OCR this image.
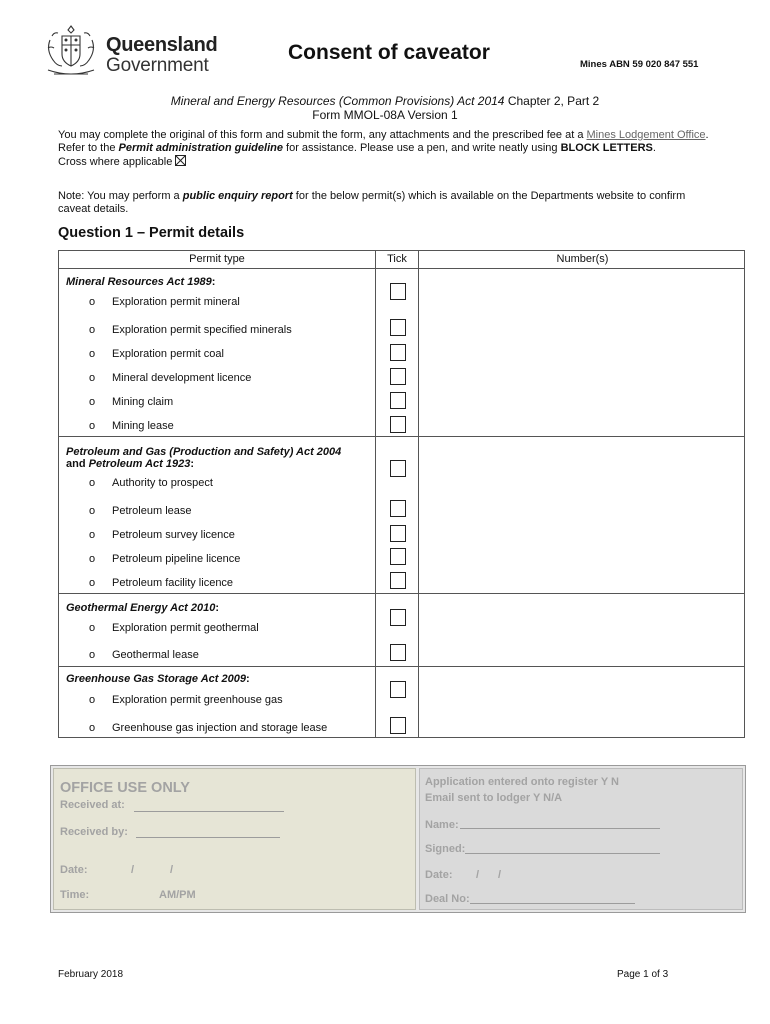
Queensland
Government
Consent of caveator
Mines ABN 59 020 847 551
Mineral and Energy Resources (Common Provisions) Act 2014 Chapter 2, Part 2
Form MMOL-08A Version 1

You may complete the original of this form and submit the form, any attachments and the prescribed fee at a Mines Lodgement Office.

Refer to the Permit administration guideline for assistance. Please use a pen, and write neatly using BLOCK LETTERS.

Cross where applicable

Note: You may perform a public enquiry report for the below permit(s) which is available on the Departments website to confirm caveat details.
Question 1 – Permit details
Permit type	Tick	Number(s)
Mineral Resources Act 1989:
o Exploration permit mineral
o Exploration permit specified minerals
o Exploration permit coal
o Mineral development licence
o Mining claim
o Mining lease
Petroleum and Gas (Production and Safety) Act 2004
and Petroleum Act 1923:
o Authority to prospect
o Petroleum lease
o Petroleum survey licence
o Petroleum pipeline licence
o Petroleum facility licence
Geothermal Energy Act 2010:
o Exploration permit geothermal
o Geothermal lease
Greenhouse Gas Storage Act 2009:
o Exploration permit greenhouse gas
o Greenhouse gas injection and storage lease
OFFICE USE ONLY
Received at:
Received by:
Date:	/	/
Time:	AM/PM
Application entered onto register Y N
Email sent to lodger Y N/A
Name:
Signed:
Date: / /
Deal No:
February 2018	Page 1 of 3
